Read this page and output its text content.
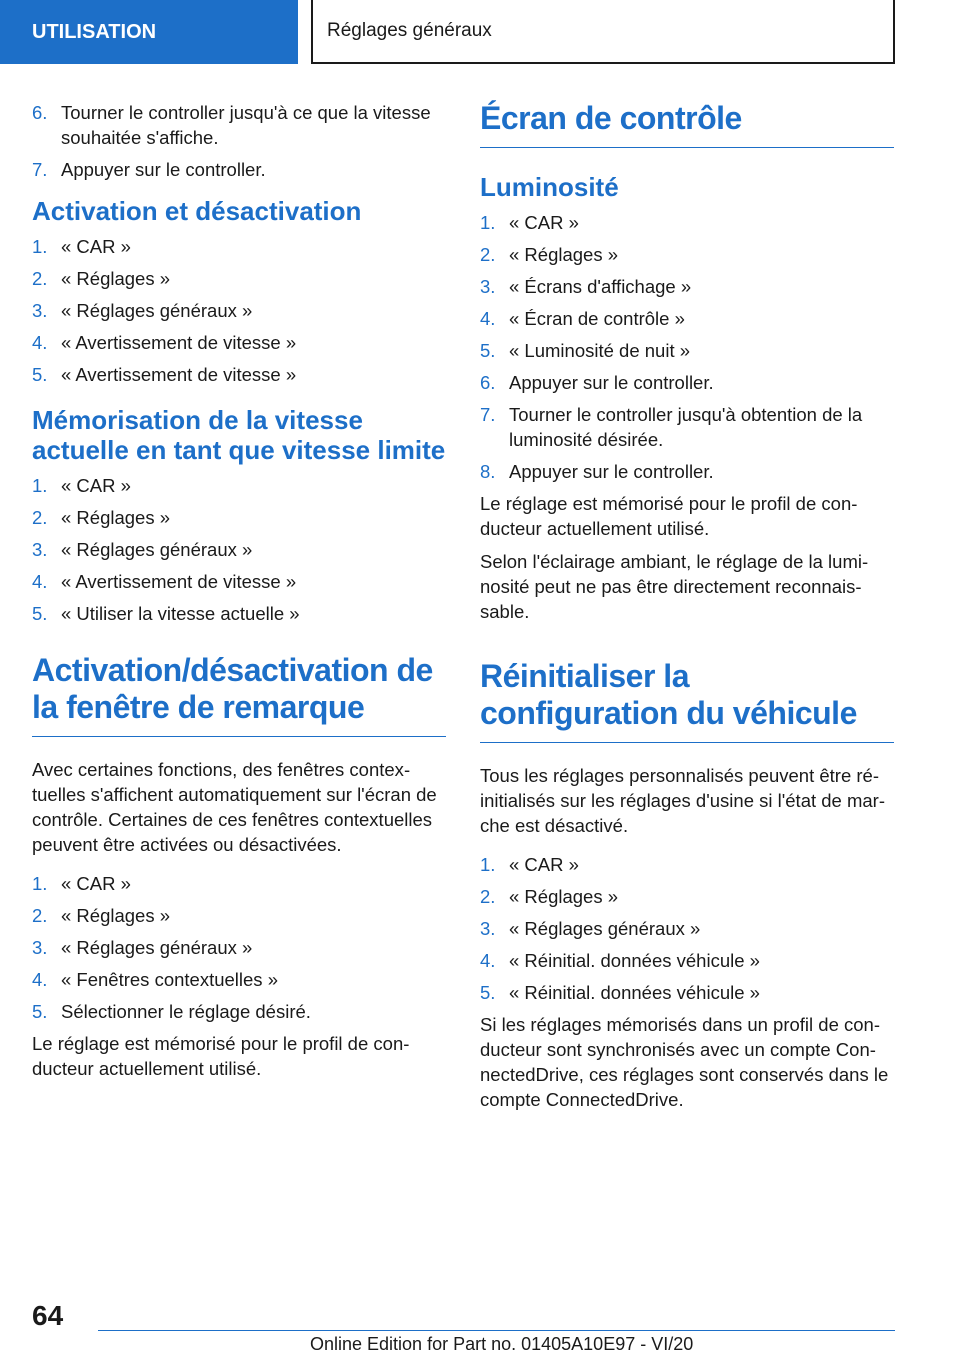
UTILISATION	Réglages généraux
6. Tourner le controller jusqu'à ce que la vitesse souhaitée s'affiche.
7. Appuyer sur le controller.
Activation et désactivation
1. « CAR »
2. « Réglages »
3. « Réglages généraux »
4. « Avertissement de vitesse »
5. « Avertissement de vitesse »
Mémorisation de la vitesse actuelle en tant que vitesse limite
1. « CAR »
2. « Réglages »
3. « Réglages généraux »
4. « Avertissement de vitesse »
5. « Utiliser la vitesse actuelle »
Activation/désactivation de la fenêtre de remarque

Avec certaines fonctions, des fenêtres contextuelles s'affichent automatiquement sur l'écran de contrôle. Certaines de ces fenêtres contextuelles peuvent être activées ou désactivées.

1. « CAR »
2. « Réglages »
3. « Réglages généraux »
4. « Fenêtres contextuelles »
5. Sélectionner le réglage désiré.

Le réglage est mémorisé pour le profil de conducteur actuellement utilisé.

Écran de contrôle
Luminosité
1. « CAR »
2. « Réglages »
3. « Écrans d'affichage »
4. « Écran de contrôle »
5. « Luminosité de nuit »
6. Appuyer sur le controller.
7. Tourner le controller jusqu'à obtention de la luminosité désirée.
8. Appuyer sur le controller.

Le réglage est mémorisé pour le profil de conducteur actuellement utilisé.

Selon l'éclairage ambiant, le réglage de la luminosité peut ne pas être directement reconnaissable.

Réinitialiser la configuration du véhicule

Tous les réglages personnalisés peuvent être réinitialisés sur les réglages d'usine si l'état de marche est désactivé.

1. « CAR »
2. « Réglages »
3. « Réglages généraux »
4. « Réinitial. données véhicule »
5. « Réinitial. données véhicule »

Si les réglages mémorisés dans un profil de conducteur sont synchronisés avec un compte ConnectedDrive, ces réglages sont conservés dans le compte ConnectedDrive.

64
Online Edition for Part no. 01405A10E97 - VI/20
